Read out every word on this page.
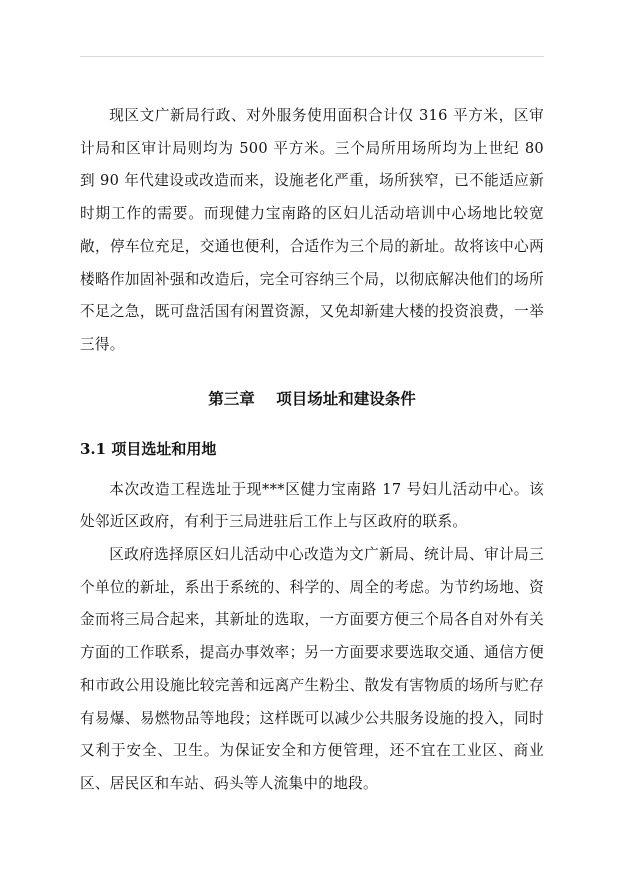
现区文广新局行政、对外服务使用面积合计仅 316 平方米，区审计局和区审计局则均为 500 平方米。三个局所用场所均为上世纪 80 到 90 年代建设或改造而来，设施老化严重，场所狭窄，已不能适应新时期工作的需要。而现健力宝南路的区妇儿活动培训中心场地比较宽敞，停车位充足，交通也便利，合适作为三个局的新址。故将该中心两楼略作加固补强和改造后，完全可容纳三个局，以彻底解决他们的场所不足之急，既可盘活国有闲置资源，又免却新建大楼的投资浪费，一举三得。

第三章    项目场址和建设条件
3.1 项目选址和用地

本次改造工程选址于现***区健力宝南路 17 号妇儿活动中心。该处邻近区政府，有利于三局进驻后工作上与区政府的联系。

区政府选择原区妇儿活动中心改造为文广新局、统计局、审计局三个单位的新址，系出于系统的、科学的、周全的考虑。为节约场地、资金而将三局合起来，其新址的选取，一方面要方便三个局各自对外有关方面的工作联系，提高办事效率；另一方面要求要选取交通、通信方便和市政公用设施比较完善和远离产生粉尘、散发有害物质的场所与贮存有易爆、易燃物品等地段；这样既可以减少公共服务设施的投入，同时又利于安全、卫生。为保证安全和方便管理，还不宜在工业区、商业区、居民区和车站、码头等人流集中的地段。
